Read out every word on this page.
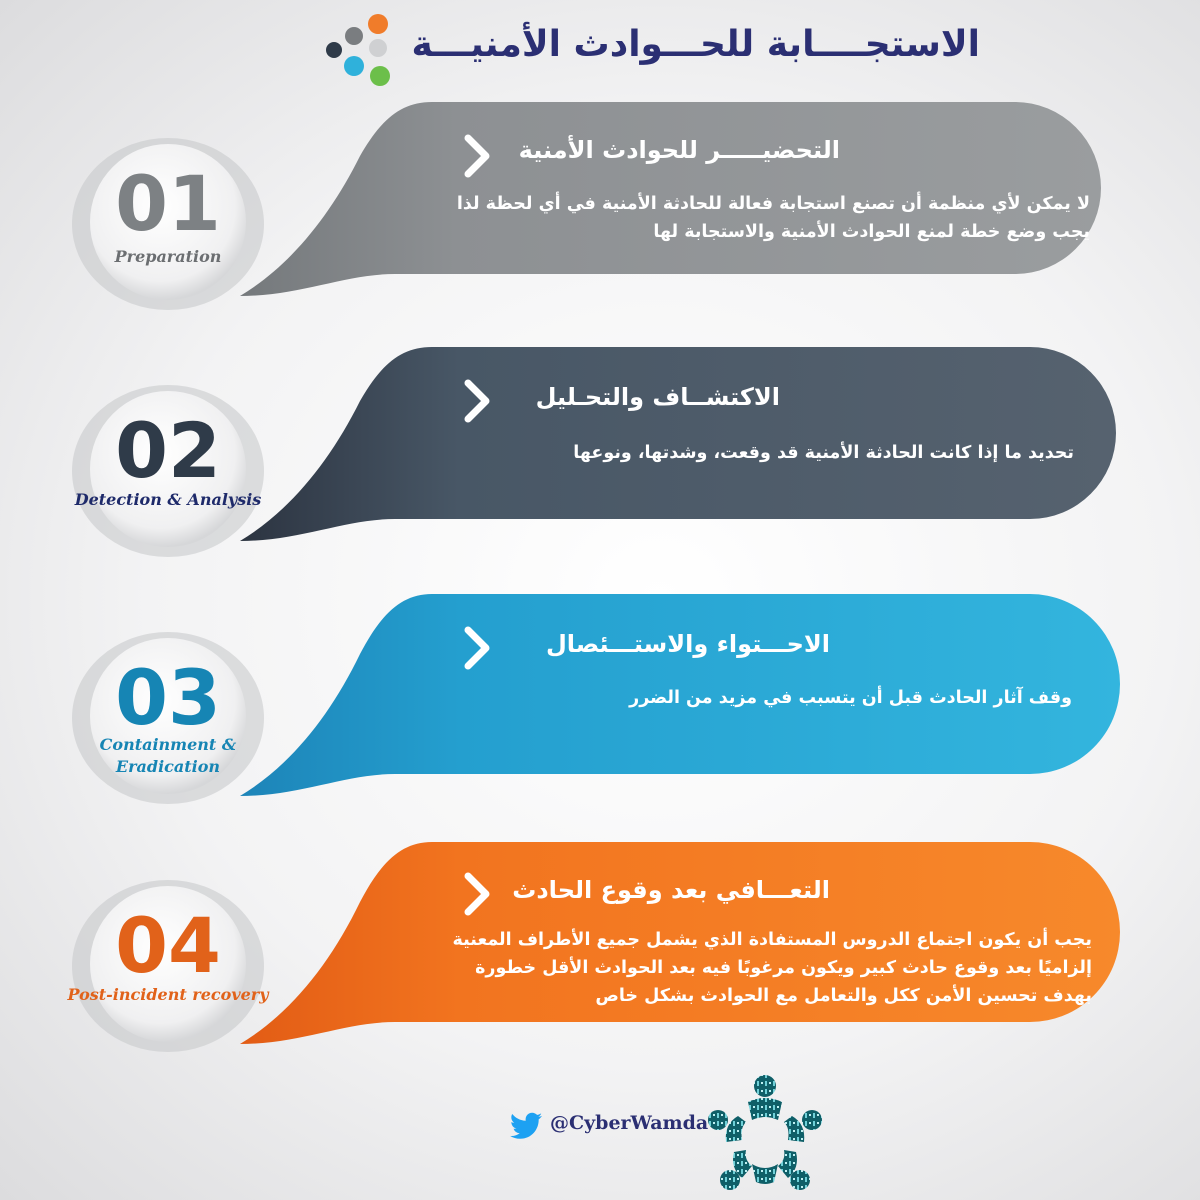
الاستجــــابة للحـــوادث الأمنيـــة
01
Preparation
التحضيـــــر للحوادث الأمنية
لا يمكن لأي منظمة أن تصنع استجابة فعالة للحادثة الأمنية في أي لحظة لذا
يجب وضع خطة لمنع الحوادث الأمنية والاستجابة لها
02
Detection & Analysis
الاكتشــاف والتحـليل
تحديد ما إذا كانت الحادثة الأمنية قد وقعت، وشدتها، ونوعها
03
Containment & Eradication
الاحـــتواء والاستـــئصال
وقف آثار الحادث قبل أن يتسبب في مزيد من الضرر
04
Post-incident recovery
التعـــافي بعد وقوع الحادث
يجب أن يكون اجتماع الدروس المستفادة الذي يشمل جميع الأطراف المعنية
إلزاميًا بعد وقوع حادث كبير ويكون مرغوبًا فيه بعد الحوادث الأقل خطورة
بهدف تحسين الأمن ككل والتعامل مع الحوادث بشكل خاص
@CyberWamda
